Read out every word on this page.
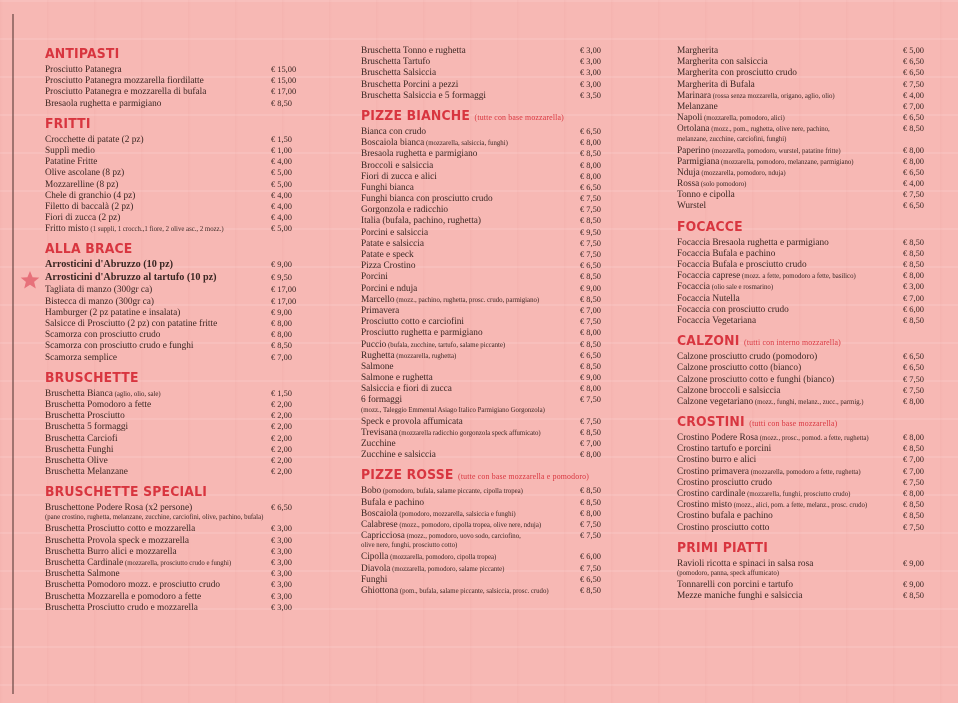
ANTIPASTI
Prosciutto Patanegra	€ 15,00
Prosciutto Patanegra mozzarella fiordilatte	€ 15,00
Prosciutto Patanegra e mozzarella di bufala	€ 17,00
Bresaola rughetta e parmigiano	€ 8,50
FRITTI
Crocchette di patate (2 pz)	€ 1,50
Supplì medio	€ 1,00
Patatine Fritte	€ 4,00
Olive ascolane (8 pz)	€ 5,00
Mozzarelline (8 pz)	€ 5,00
Chele di granchio (4 pz)	€ 4,00
Filetto di baccalà (2 pz)	€ 4,00
Fiori di zucca (2 pz)	€ 4,00
Fritto misto (1 suppli, 1 crocch.,1 fiore, 2 olive asc., 2 mozz.)	€ 5,00
ALLA BRACE
Arrosticini d'Abruzzo (10 pz)	€ 9,00
Arrosticini d'Abruzzo al tartufo (10 pz)	€ 9,50
Tagliata di manzo (300gr ca)	€ 17,00
Bistecca di manzo (300gr ca)	€ 17,00
Hamburger (2 pz patatine e insalata)	€ 9,00
Salsicce di Prosciutto (2 pz) con patatine fritte	€ 8,00
Scamorza con prosciutto crudo	€ 8,00
Scamorza con prosciutto crudo e funghi	€ 8,50
Scamorza semplice	€ 7,00
BRUSCHETTE
Bruschetta Bianca (aglio, olio, sale)	€ 1,50
Bruschetta Pomodoro a fette	€ 2,00
Bruschetta Prosciutto	€ 2,00
Bruschetta 5 formaggi	€ 2,00
Bruschetta Carciofi	€ 2,00
Bruschetta Funghi	€ 2,00
Bruschetta Olive	€ 2,00
Bruschetta Melanzane	€ 2,00
BRUSCHETTE SPECIALI
Bruschettone Podere Rosa (x2 persone)	€ 6,50
(pane crostino, rughetta, melanzane, zucchine, carciofini, olive, pachino, bufala)
Bruschetta Prosciutto cotto e mozzarella	€ 3,00
Bruschetta Provola speck e mozzarella	€ 3,00
Bruschetta Burro alici e mozzarella	€ 3,00
Bruschetta Cardinale (mozzarella, prosciutto crudo e funghi)	€ 3,00
Bruschetta Salmone	€ 3,00
Bruschetta Pomodoro mozz. e prosciutto crudo	€ 3,00
Bruschetta Mozzarella e pomodoro a fette	€ 3,00
Bruschetta Prosciutto crudo e mozzarella	€ 3,00
Bruschetta Tonno e rughetta	€ 3,00
Bruschetta Tartufo	€ 3,00
Bruschetta Salsiccia	€ 3,00
Bruschetta Porcini a pezzi	€ 3,00
Bruschetta Salsiccia e 5 formaggi	€ 3,50
PIZZE BIANCHE (tutte con base mozzarella)
Bianca con crudo	€ 6,50
Boscaiola bianca (mozzarella, salsiccia, funghi)	€ 8,00
Bresaola rughetta e parmigiano	€ 8,50
Broccoli e salsiccia	€ 8,00
Fiori di zucca e alici	€ 8,00
Funghi bianca	€ 6,50
Funghi bianca con prosciutto crudo	€ 7,50
Gorgonzola e radicchio	€ 7,50
Italia (bufala, pachino, rughetta)	€ 8,50
Porcini e salsiccia	€ 9,50
Patate e salsiccia	€ 7,50
Patate e speck	€ 7,50
Pizza Crostino	€ 6,50
Porcini	€ 8,50
Porcini e nduja	€ 9,00
Marcello (mozz., pachino, rughetta, prosc. crudo, parmigiano)	€ 8,50
Primavera	€ 7,00
Prosciutto cotto e carciofini	€ 7,50
Prosciutto rughetta e parmigiano	€ 8,00
Puccio (bufala, zucchine, tartufo, salame piccante)	€ 8,50
Rughetta (mozzarella, rughetta)	€ 6,50
Salmone	€ 8,50
Salmone e rughetta	€ 9,00
Salsiccia e fiori di zucca	€ 8,00
6 formaggi	€ 7,50
(mozz., Taleggio Emmental Asiago Italico Parmigiano Gorgonzola)
Speck e provola affumicata	€ 7,50
Trevisana (mozzarella radicchio gorgonzola speck affumicato)	€ 8,50
Zucchine	€ 7,00
Zucchine e salsiccia	€ 8,00
PIZZE ROSSE (tutte con base mozzarella e pomodoro)
Bobo (pomodoro, bufala, salame piccante, cipolla tropea)	€ 8,50
Bufala e pachino	€ 8,50
Boscaiola (pomodoro, mozzarella, salsiccia e funghi)	€ 8,00
Calabrese (mozz., pomodoro, cipolla tropea, olive nere, nduja)	€ 7,50
Capricciosa (mozz., pomodoro, uovo sodo, carciofino,	€ 7,50
olive nere, funghi, prosciutto cotto)
Cipolla (mozzarella, pomodoro, cipolla tropea)	€ 6,00
Diavola (mozzarella, pomodoro, salame piccante)	€ 7,50
Funghi	€ 6,50
Ghiottona (pom., bufala, salame piccante, salsiccia, prosc. crudo)	€ 8,50
Margherita	€ 5,00
Margherita con salsiccia	€ 6,50
Margherita con prosciutto crudo	€ 6,50
Margherita di Bufala	€ 7,50
Marinara (rossa senza mozzarella, origano, aglio, olio)	€ 4,00
Melanzane	€ 7,00
Napoli (mozzarella, pomodoro, alici)	€ 6,50
Ortolana (mozz., pom., rughetta, olive nere, pachino,	€ 8,50
melanzane, zucchine, carciofini, funghi)
Paperino (mozzarella, pomodoro, wurstel, patatine fritte)	€ 8,00
Parmigiana (mozzarella, pomodoro, melanzane, parmigiano)	€ 8,00
Nduja (mozzarella, pomodoro, nduja)	€ 6,50
Rossa (solo pomodoro)	€ 4,00
Tonno e cipolla	€ 7,50
Wurstel	€ 6,50
FOCACCE
Focaccia Bresaola rughetta e parmigiano	€ 8,50
Focaccia Bufala e pachino	€ 8,50
Focaccia Bufala e prosciutto crudo	€ 8,50
Focaccia caprese (mozz. a fette, pomodoro a fette, basilico)	€ 8,00
Focaccia (olio sale e rosmarino)	€ 3,00
Focaccia Nutella	€ 7,00
Focaccia con prosciutto crudo	€ 6,00
Focaccia Vegetariana	€ 8,50
CALZONI (tutti con interno mozzarella)
Calzone prosciutto crudo (pomodoro)	€ 6,50
Calzone prosciutto cotto (bianco)	€ 6,50
Calzone prosciutto cotto e funghi (bianco)	€ 7,50
Calzone broccoli e salsiccia	€ 7,50
Calzone vegetariano (mozz., funghi, melanz., zucc., parmig.)	€ 8,00
CROSTINI (tutti con base mozzarella)
Crostino Podere Rosa (mozz., prosc., pomod. a fette, rughetta)	€ 8,00
Crostino tartufo e porcini	€ 8,50
Crostino burro e alici	€ 7,00
Crostino primavera (mozzarella, pomodoro a fette, rughetta)	€ 7,00
Crostino prosciutto crudo	€ 7,50
Crostino cardinale (mozzarella, funghi, prosciutto crudo)	€ 8,00
Crostino misto (mozz., alici, pom. a fette, melanz., prosc. crudo)	€ 8,50
Crostino bufala e pachino	€ 8,50
Crostino prosciutto cotto	€ 7,50
PRIMI PIATTI
Ravioli ricotta e spinaci in salsa rosa	€ 9,00
(pomodoro, panna, speck affumicato)
Tonnarelli con porcini e tartufo	€ 9,00
Mezze maniche funghi e salsiccia	€ 8,50
